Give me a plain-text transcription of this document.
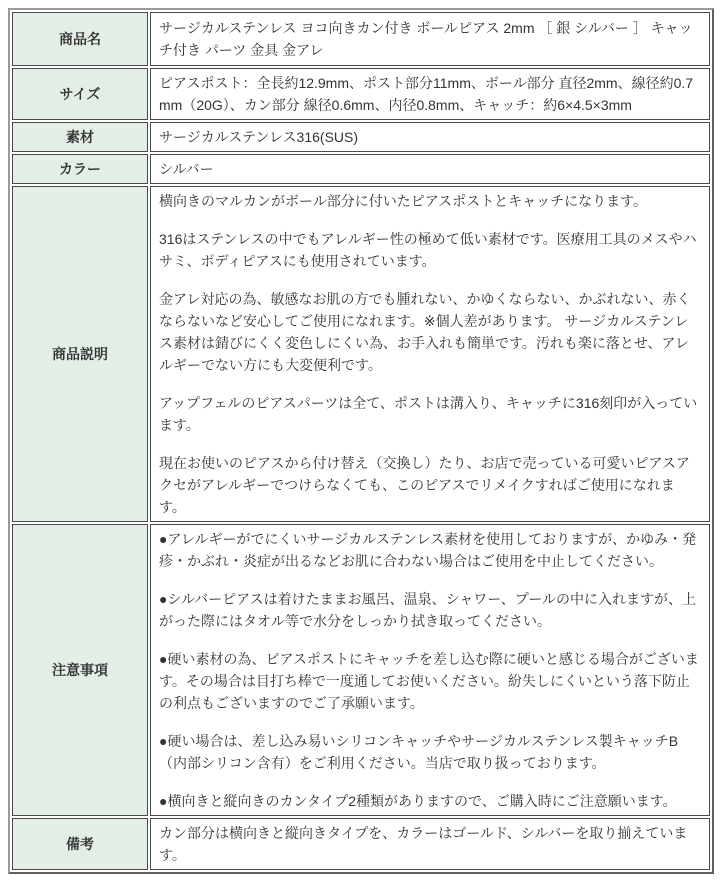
商品名	サージカルステンレス ヨコ向きカン付き ボールピアス 2mm ［ 銀 シルバー ］ キャッチ付き パーツ 金具 金アレ

サイズ	ピアスポスト：全長約12.9mm、ポスト部分11mm、ボール部分 直径2mm、線径約0.7mm（20G）、カン部分 線径0.6mm、内径0.8mm、キャッチ：約6×4.5×3mm

素材	サージカルステンレス316(SUS)

カラー	シルバー

商品説明	横向きのマルカンがボール部分に付いたピアスポストとキャッチになります。

316はステンレスの中でもアレルギー性の極めて低い素材です。医療用工具のメスやハサミ、ボディピアスにも使用されています。

金アレ対応の為、敏感なお肌の方でも腫れない、かゆくならない、かぶれない、赤くならないなど安心してご使用になれます。※個人差があります。 サージカルステンレス素材は錆びにくく変色しにくい為、お手入れも簡単です。汚れも楽に落とせ、アレルギーでない方にも大変便利です。

アップフェルのピアスパーツは全て、ポストは溝入り、キャッチに316刻印が入っています。

現在お使いのピアスから付け替え（交換し）たり、お店で売っている可愛いピアスアクセがアレルギーでつけらなくても、このピアスでリメイクすればご使用になれます。

注意事項	●アレルギーがでにくいサージカルステンレス素材を使用しておりますが、かゆみ・発疹・かぶれ・炎症が出るなどお肌に合わない場合はご使用を中止してください。

●シルバーピアスは着けたままお風呂、温泉、シャワー、プールの中に入れますが、上がった際にはタオル等で水分をしっかり拭き取ってください。

●硬い素材の為、ピアスポストにキャッチを差し込む際に硬いと感じる場合がございます。その場合は目打ち棒で一度通してお使いください。紛失しにくいという落下防止の利点もございますのでご了承願います。

●硬い場合は、差し込み易いシリコンキャッチやサージカルステンレス製キャッチB（内部シリコン含有）をご利用ください。当店で取り扱っております。

●横向きと縦向きのカンタイプ2種類がありますので、ご購入時にご注意願います。

備考	カン部分は横向きと縦向きタイプを、カラーはゴールド、シルバーを取り揃えています。
